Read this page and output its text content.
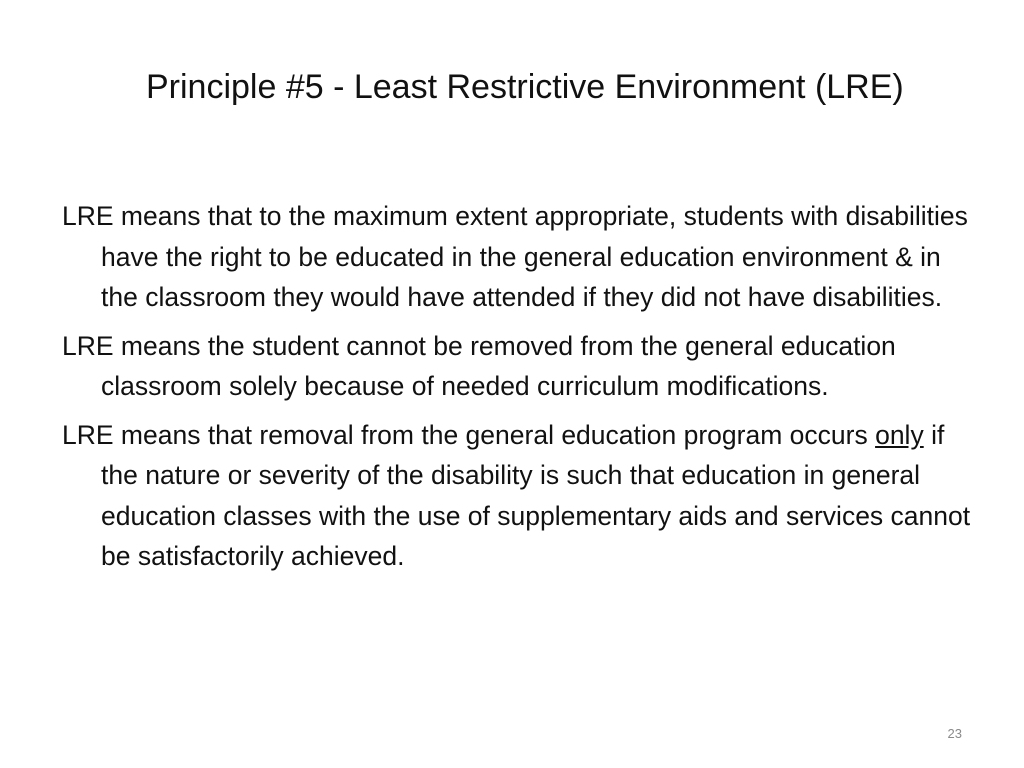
Principle #5 - Least Restrictive Environment (LRE)

LRE means that to the maximum extent appropriate, students with disabilities have the right to be educated in the general education environment & in the classroom they would have attended if they did not have disabilities.

LRE means the student cannot be removed from the general education classroom solely because of needed curriculum modifications.

LRE means that removal from the general education program occurs only if the nature or severity of the disability is such that education in general education classes with the use of supplementary aids and services cannot be satisfactorily achieved.

23
